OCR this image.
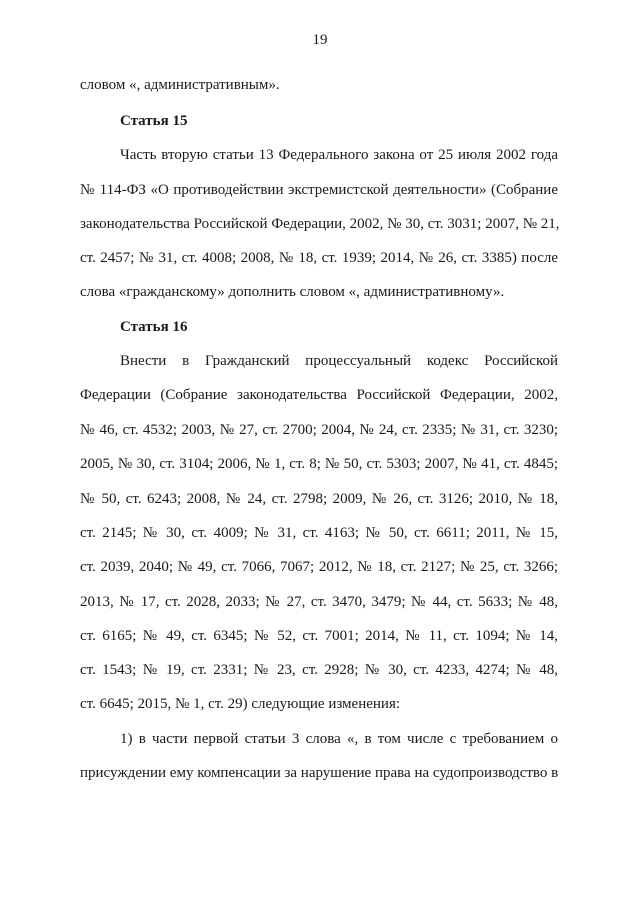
19

словом «, административным».

Статья 15

Часть вторую статьи 13 Федерального закона от 25 июля 2002 года

№ 114-ФЗ «О противодействии экстремистской деятельности» (Собрание

законодательства Российской Федерации, 2002, № 30, ст. 3031; 2007, № 21,

ст. 2457; № 31, ст. 4008; 2008, № 18, ст. 1939; 2014, № 26, ст. 3385) после

слова «гражданскому» дополнить словом «, административному».

Статья 16

Внести в Гражданский процессуальный кодекс Российской

Федерации (Собрание законодательства Российской Федерации, 2002,

№ 46, ст. 4532; 2003, № 27, ст. 2700; 2004, № 24, ст. 2335; № 31, ст. 3230;

2005, № 30, ст. 3104; 2006, № 1, ст. 8; № 50, ст. 5303; 2007, № 41, ст. 4845;

№ 50, ст. 6243; 2008, № 24, ст. 2798; 2009, № 26, ст. 3126; 2010, № 18,

ст. 2145; № 30, ст. 4009; № 31, ст. 4163; № 50, ст. 6611; 2011, № 15,

ст. 2039, 2040; № 49, ст. 7066, 7067; 2012, № 18, ст. 2127; № 25, ст. 3266;

2013, № 17, ст. 2028, 2033; № 27, ст. 3470, 3479; № 44, ст. 5633; № 48,

ст. 6165; № 49, ст. 6345; № 52, ст. 7001; 2014, № 11, ст. 1094; № 14,

ст. 1543; № 19, ст. 2331; № 23, ст. 2928; № 30, ст. 4233, 4274; № 48,

ст. 6645; 2015, № 1, ст. 29) следующие изменения:

1) в части первой статьи 3 слова «, в том числе с требованием о

присуждении ему компенсации за нарушение права на судопроизводство в
